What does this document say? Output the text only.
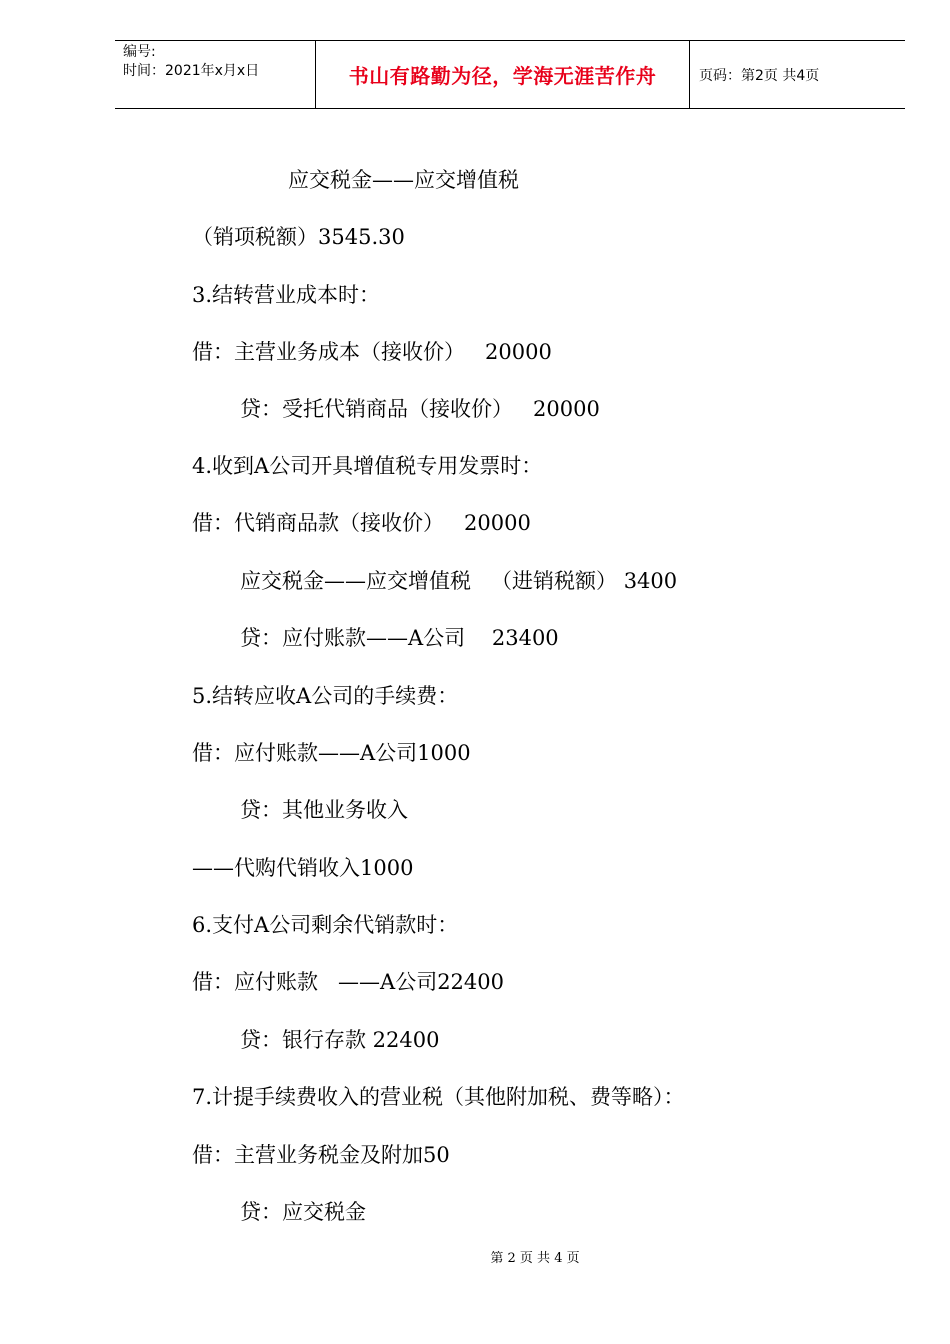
编号:
时间：2021年x月x日	书山有路勤为径，学海无涯苦作舟	页码：第2页 共4页
应交税金——应交增值税
（销项税额）3545.30
3.结转营业成本时：
借：主营业务成本（接收价）   20000
贷：受托代销商品（接收价）   20000
4.收到A公司开具增值税专用发票时：
借：代销商品款（接收价）   20000
应交税金——应交增值税   （进销税额） 3400
贷：应付账款——A公司    23400
5.结转应收A公司的手续费：
借：应付账款——A公司1000
贷：其他业务收入
——代购代销收入1000
6.支付A公司剩余代销款时：
借：应付账款   ——A公司22400
贷：银行存款 22400
7.计提手续费收入的营业税（其他附加税、费等略）：
借：主营业务税金及附加50
贷：应交税金
第 2 页 共 4 页
